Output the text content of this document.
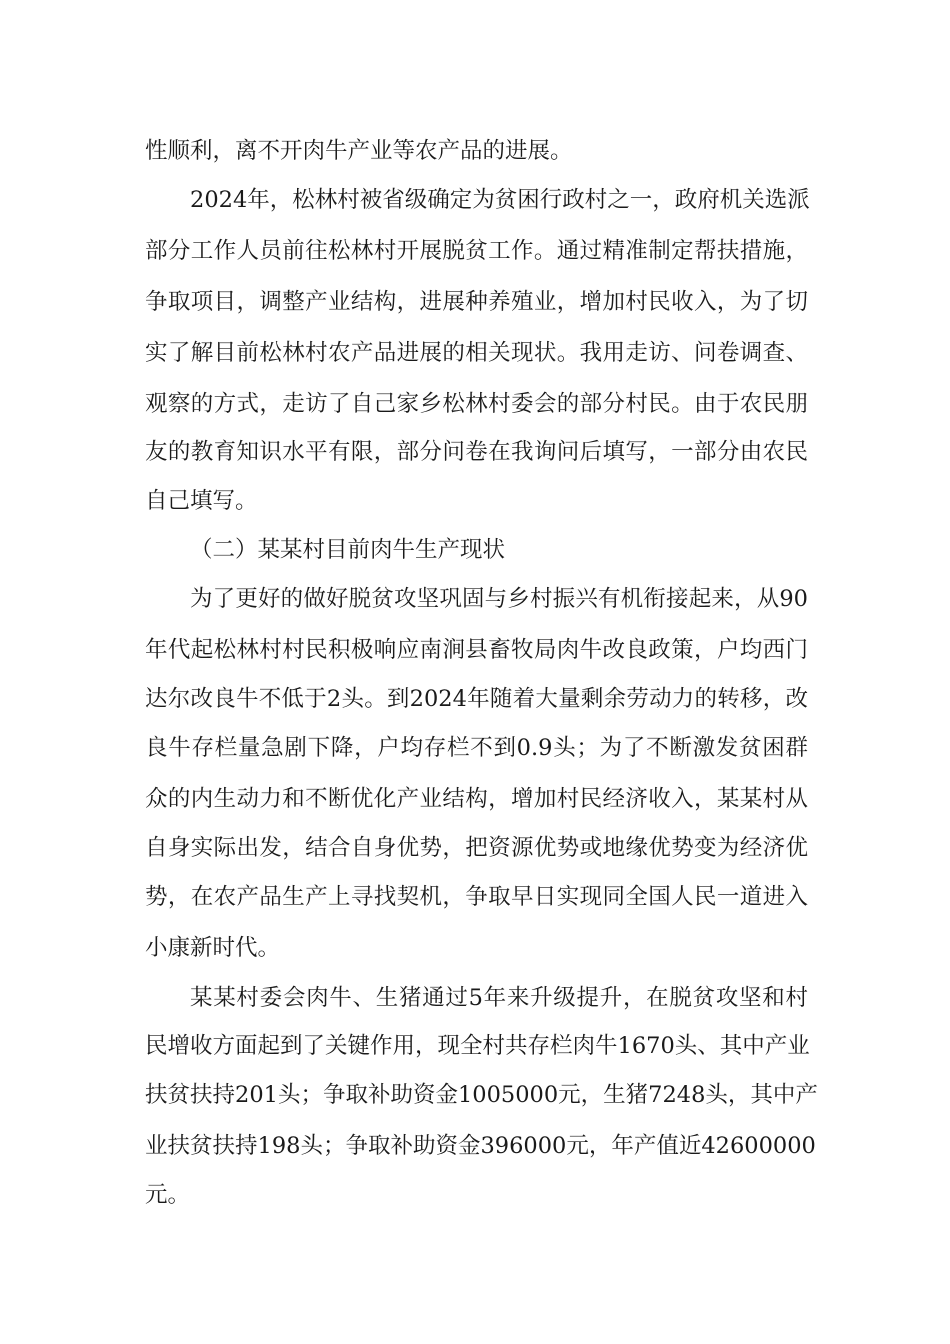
性顺利，离不开肉牛产业等农产品的进展。
2024年，松林村被省级确定为贫困行政村之一，政府机关选派
部分工作人员前往松林村开展脱贫工作。通过精准制定帮扶措施，
争取项目，调整产业结构，进展种养殖业，增加村民收入，为了切
实了解目前松林村农产品进展的相关现状。我用走访、问卷调查、
观察的方式，走访了自己家乡松林村委会的部分村民。由于农民朋
友的教育知识水平有限，部分问卷在我询问后填写，一部分由农民
自己填写。
（二）某某村目前肉牛生产现状
为了更好的做好脱贫攻坚巩固与乡村振兴有机衔接起来，从90
年代起松林村村民积极响应南涧县畜牧局肉牛改良政策，户均西门
达尔改良牛不低于2头。到2024年随着大量剩余劳动力的转移，改
良牛存栏量急剧下降，户均存栏不到0.9头；为了不断激发贫困群
众的内生动力和不断优化产业结构，增加村民经济收入，某某村从
自身实际出发，结合自身优势，把资源优势或地缘优势变为经济优
势，在农产品生产上寻找契机，争取早日实现同全国人民一道进入
小康新时代。
某某村委会肉牛、生猪通过5年来升级提升，在脱贫攻坚和村
民增收方面起到了关键作用，现全村共存栏肉牛1670头、其中产业
扶贫扶持201头；争取补助资金1005000元，生猪7248头，其中产
业扶贫扶持198头；争取补助资金396000元，年产值近42600000
元。
